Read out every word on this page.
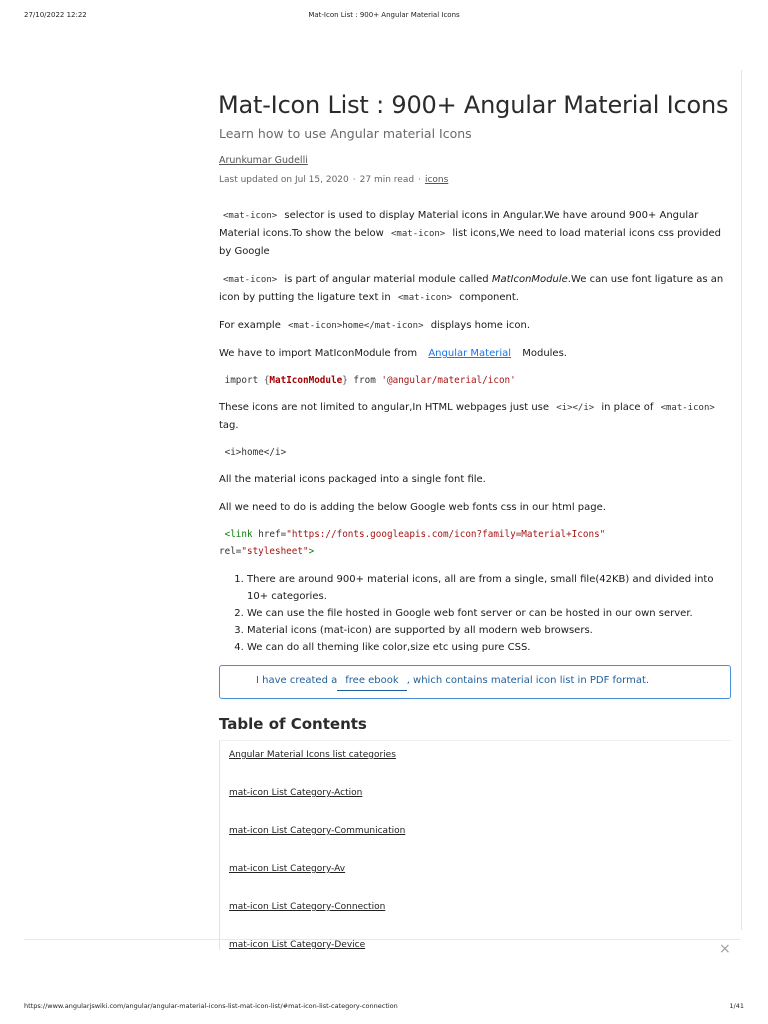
27/10/2022 12:22	Mat-Icon List : 900+ Angular Material Icons
Mat-Icon List : 900+ Angular Material Icons
Learn how to use Angular material Icons
Arunkumar Gudelli
Last updated on Jul 15, 2020 · 27 min read · icons

<mat-icon> selector is used to display Material icons in Angular.We have around 900+ Angular Material icons.To show the below <mat-icon> list icons,We need to load material icons css provided by Google

<mat-icon> is part of angular material module called MatIconModule.We can use font ligature as an icon by putting the ligature text in <mat-icon> component.

For example <mat-icon>home</mat-icon> displays home icon.

We have to import MatIconModule from Angular Material Modules.

import {MatIconModule} from '@angular/material/icon'

These icons are not limited to angular,In HTML webpages just use <i></i> in place of <mat-icon> tag.

<i>home</i>

All the material icons packaged into a single font file.

All we need to do is adding the below Google web fonts css in our html page.

<link href="https://fonts.googleapis.com/icon?family=Material+Icons"
rel="stylesheet">
1. There are around 900+ material icons, all are from a single, small file(42KB) and divided into 10+ categories.
2. We can use the file hosted in Google web font server or can be hosted in our own server.
3. Material icons (mat-icon) are supported by all modern web browsers.
4. We can do all theming like color,size etc using pure CSS.
I have created a free ebook , which contains material icon list in PDF format.
Table of Contents
Angular Material Icons list categories
mat-icon List Category-Action
mat-icon List Category-Communication
mat-icon List Category-Av
mat-icon List Category-Connection
mat-icon List Category-Device	×
https://www.angularjswiki.com/angular/angular-material-icons-list-mat-icon-list/#mat-icon-list-category-connection	1/41
